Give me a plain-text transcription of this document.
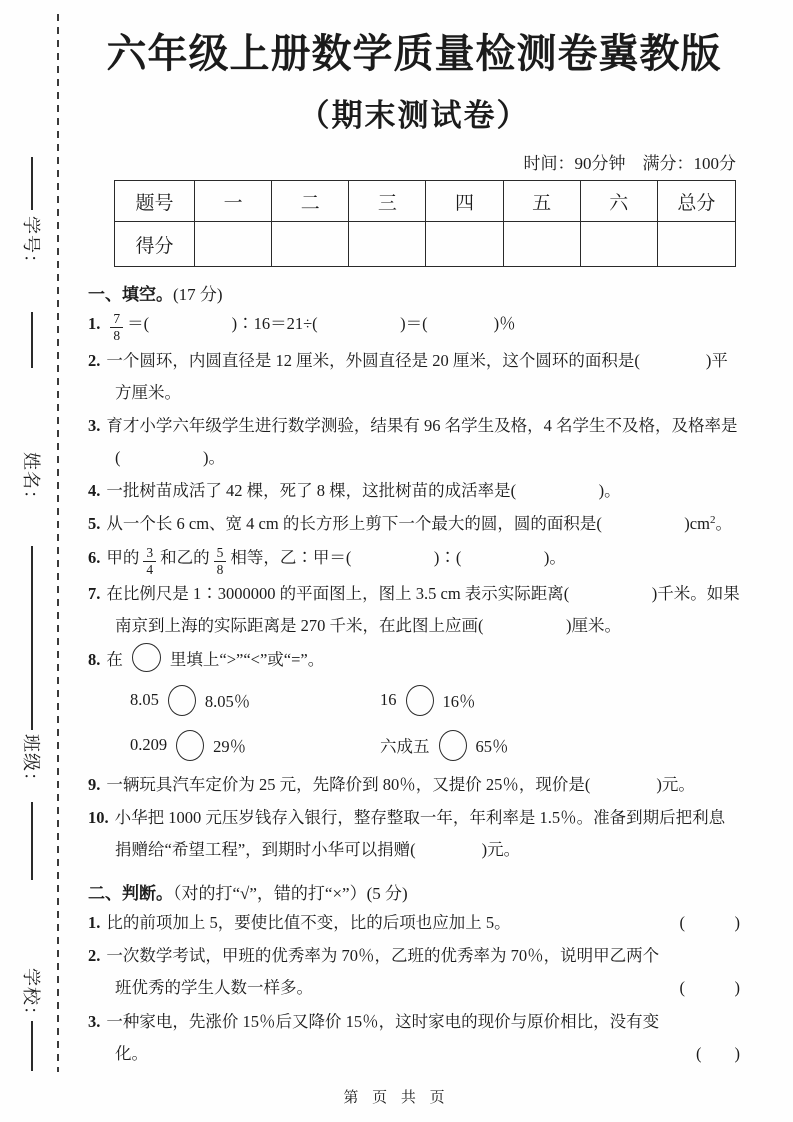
学号：
姓名：
班级：
学校：
六年级上册数学质量检测卷冀教版
（期末测试卷）
时间：90分钟　满分：100分
题号	一	二	三	四	五	六	总分
得分							
一、填空。(17 分)
1. $\frac{7}{8}$ ＝(　　　　　)∶16＝21÷(　　　　　)＝(　　　　)％
2. 一个圆环，内圆直径是 12 厘米，外圆直径是 20 厘米，这个圆环的面积是(　　　　)平方厘米。
3. 育才小学六年级学生进行数学测验，结果有 96 名学生及格，4 名学生不及格，及格率是(　　　　　)。
4. 一批树苗成活了 42 棵，死了 8 棵，这批树苗的成活率是(　　　　　)。
5. 从一个长 6 cm、宽 4 cm 的长方形上剪下一个最大的圆，圆的面积是(　　　　　)$cm^2$。
6. 甲的 $\frac{3}{4}$ 和乙的 $\frac{5}{8}$ 相等，乙∶甲＝(　　　　　)∶(　　　　　)。
7. 在比例尺是 1∶3000000 的平面图上，图上 3.5 cm 表示实际距离(　　　　　)千米。如果南京到上海的实际距离是 270 千米，在此图上应画(　　　　　)厘米。
8. 在	里填上“>”“<”或“=”。
8.05	8.05％	16	16％
0.209	29％	六成五	65％
9. 一辆玩具汽车定价为 25 元，先降价到 80％，又提价 25％，现价是(　　　　)元。
10. 小华把 1000 元压岁钱存入银行，整存整取一年，年利率是 1.5％。准备到期后把利息捐赠给“希望工程”，到期时小华可以捐赠(　　　　)元。
二、判断。（对的打“√”，错的打“×”）(5 分)
1. 比的前项加上 5，要使比值不变，比的后项也应加上 5。	(　　　)
2. 一次数学考试，甲班的优秀率为 70％，乙班的优秀率为 70％，说明甲乙两个班优秀的学生人数一样多。	(　　　)
3. 一种家电，先涨价 15％后又降价 15％，这时家电的现价与原价相比，没有变化。	(　　)
第 页 共 页
